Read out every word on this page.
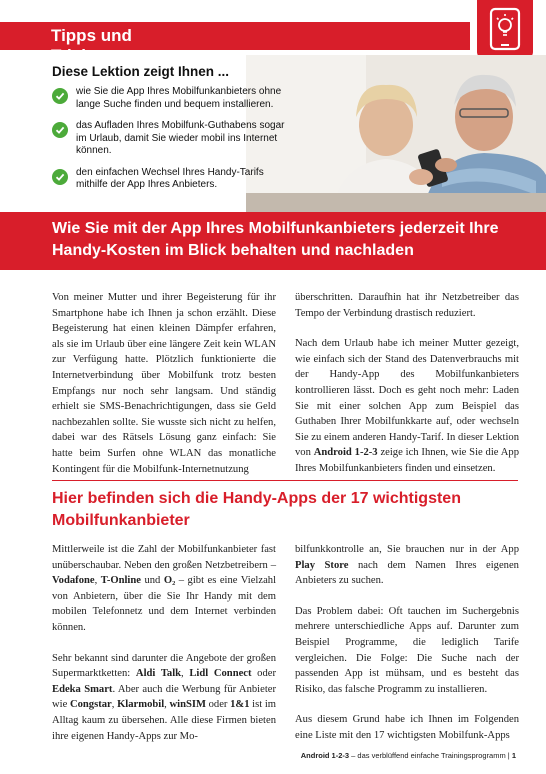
Tipps und Tricks
Diese Lektion zeigt Ihnen ...
wie Sie die App Ihres Mobilfunkanbieters ohne lange Suche finden und bequem installieren.
das Aufladen Ihres Mobilfunk-Guthabens sogar im Urlaub, damit Sie wieder mobil ins Internet können.
den einfachen Wechsel Ihres Handy-Tarifs mithilfe der App Ihres Anbieters.
Wie Sie mit der App Ihres Mobilfunkanbieters jederzeit Ihre Handy-Kosten im Blick behalten und nachladen

Von meiner Mutter und ihrer Begeisterung für ihr Smartphone habe ich Ihnen ja schon erzählt. Diese Begeisterung hat einen kleinen Dämpfer erfahren, als sie im Urlaub über eine längere Zeit kein WLAN zur Verfügung hatte. Plötzlich funktionierte die Internetverbindung über Mobilfunk trotz besten Empfangs nur noch sehr langsam. Und ständig erhielt sie SMS-Benachrichtigungen, dass sie Geld nachbezahlen sollte. Sie wusste sich nicht zu helfen, dabei war des Rätsels Lösung ganz einfach: Sie hatte beim Surfen ohne WLAN das monatliche Kontingent für die Mobilfunk-Internetnutzung

überschritten. Daraufhin hat ihr Netzbetreiber das Tempo der Verbindung drastisch reduziert.

Nach dem Urlaub habe ich meiner Mutter gezeigt, wie einfach sich der Stand des Datenverbrauchs mit der Handy-App des Mobilfunkanbieters kontrollieren lässt. Doch es geht noch mehr: Laden Sie mit einer solchen App zum Beispiel das Guthaben Ihrer Mobilfunkkarte auf, oder wechseln Sie zu einem anderen Handy-Tarif. In dieser Lektion von Android 1-2-3 zeige ich Ihnen, wie Sie die App Ihres Mobilfunkanbieters finden und einsetzen.

Hier befinden sich die Handy-Apps der 17 wichtigsten Mobilfunkanbieter

Mittlerweile ist die Zahl der Mobilfunkanbieter fast unüberschaubar. Neben den großen Netzbetreibern – Vodafone, T-Online und O₂ – gibt es eine Vielzahl von Anbietern, über die Sie Ihr Handy mit dem mobilen Telefonnetz und dem Internet verbinden können.

Sehr bekannt sind darunter die Angebote der großen Supermarktketten: Aldi Talk, Lidl Connect oder Edeka Smart. Aber auch die Werbung für Anbieter wie Congstar, Klarmobil, winSIM oder 1&1 ist im Alltag kaum zu übersehen. Alle diese Firmen bieten ihre eigenen Handy-Apps zur Mo-

bilfunkkontrolle an, Sie brauchen nur in der App Play Store nach dem Namen Ihres eigenen Anbieters zu suchen.

Das Problem dabei: Oft tauchen im Suchergebnis mehrere unterschiedliche Apps auf. Darunter zum Beispiel Programme, die lediglich Tarife vergleichen. Die Folge: Die Suche nach der passenden App ist mühsam, und es besteht das Risiko, das falsche Programm zu installieren.

Aus diesem Grund habe ich Ihnen im Folgenden eine Liste mit den 17 wichtigsten Mobilfunk-Apps

Android 1-2-3 – das verblüffend einfache Trainingsprogramm | 1
